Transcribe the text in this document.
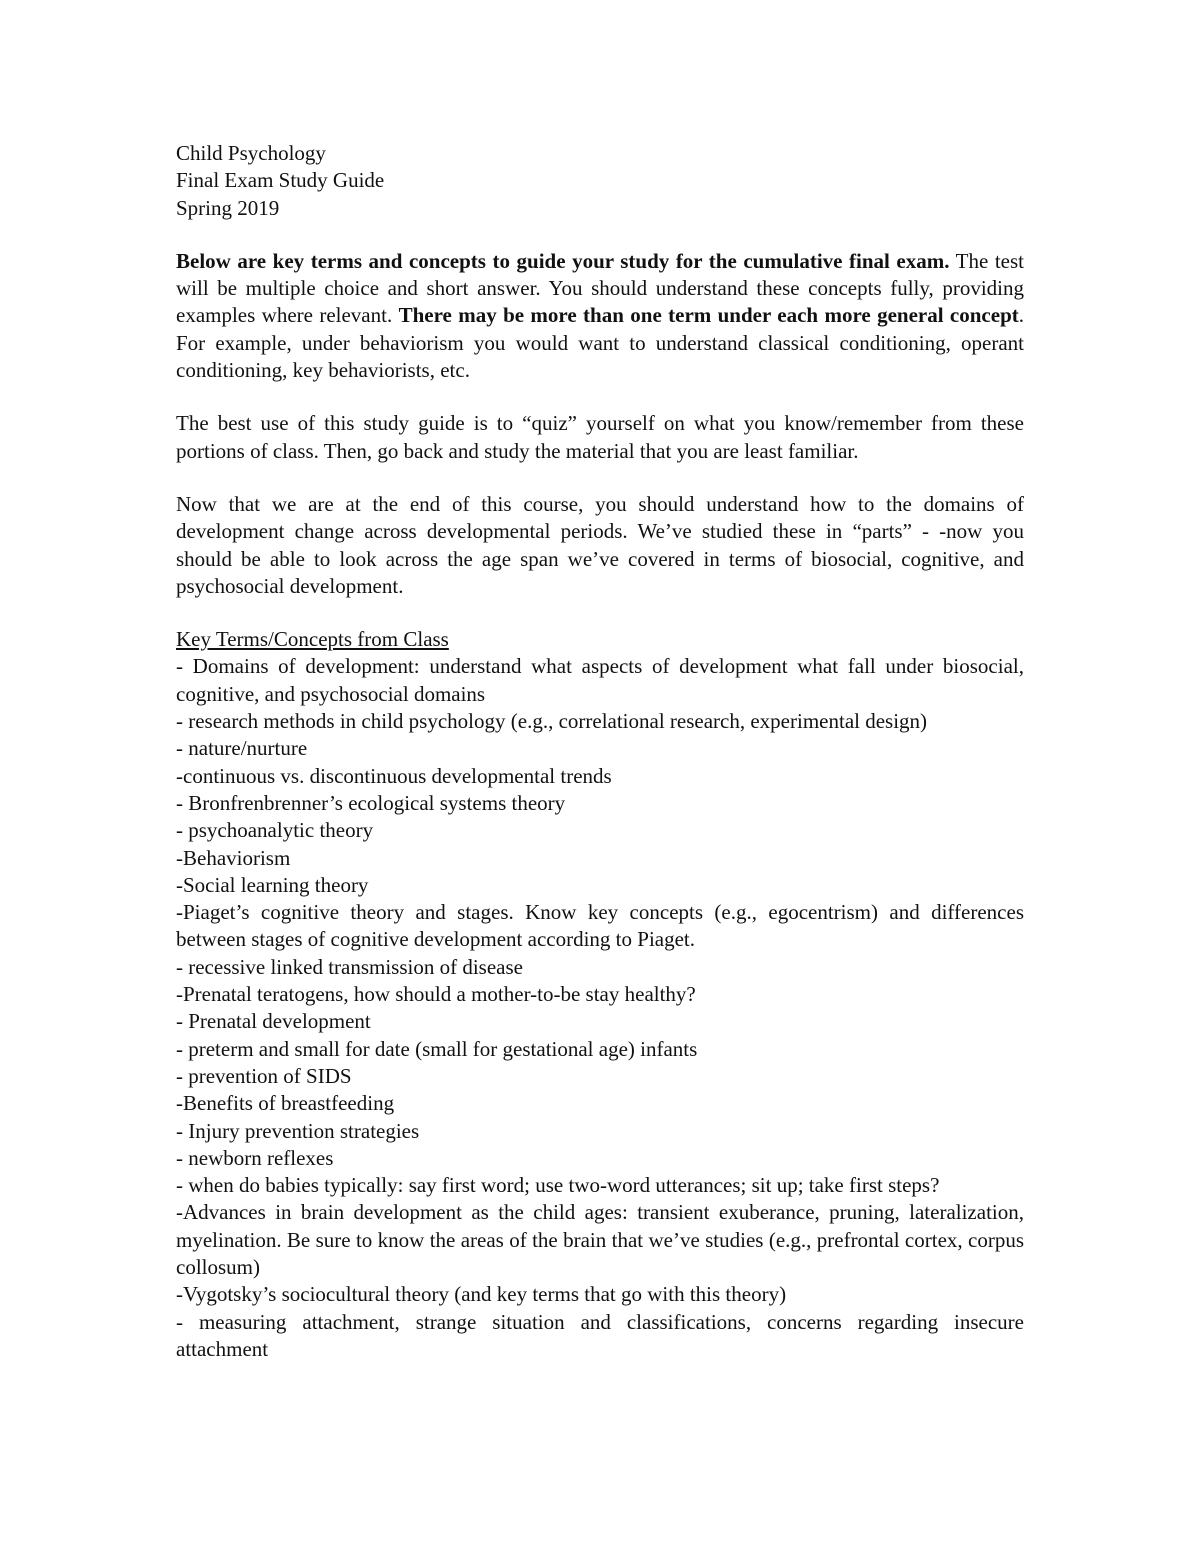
Child Psychology
Final Exam Study Guide
Spring 2019

Below are key terms and concepts to guide your study for the cumulative final exam. The test will be multiple choice and short answer. You should understand these concepts fully, providing examples where relevant. There may be more than one term under each more general concept. For example, under behaviorism you would want to understand classical conditioning, operant conditioning, key behaviorists, etc.

The best use of this study guide is to “quiz” yourself on what you know/remember from these portions of class. Then, go back and study the material that you are least familiar.

Now that we are at the end of this course, you should understand how to the domains of development change across developmental periods. We’ve studied these in “parts” - -now you should be able to look across the age span we’ve covered in terms of biosocial, cognitive, and psychosocial development.

Key Terms/Concepts from Class
- Domains of development: understand what aspects of development what fall under biosocial, cognitive, and psychosocial domains
- research methods in child psychology (e.g., correlational research, experimental design)
- nature/nurture
-continuous vs. discontinuous developmental trends
- Bronfrenbrenner’s ecological systems theory
- psychoanalytic theory
-Behaviorism
-Social learning theory
-Piaget’s cognitive theory and stages. Know key concepts (e.g., egocentrism) and differences between stages of cognitive development according to Piaget.
- recessive linked transmission of disease
-Prenatal teratogens, how should a mother-to-be stay healthy?
- Prenatal development
- preterm and small for date (small for gestational age) infants
- prevention of SIDS
-Benefits of breastfeeding
- Injury prevention strategies
- newborn reflexes
- when do babies typically: say first word; use two-word utterances; sit up; take first steps?
-Advances in brain development as the child ages: transient exuberance, pruning, lateralization, myelination. Be sure to know the areas of the brain that we’ve studies (e.g., prefrontal cortex, corpus collosum)
-Vygotsky’s sociocultural theory (and key terms that go with this theory)
- measuring attachment, strange situation and classifications, concerns regarding insecure attachment
